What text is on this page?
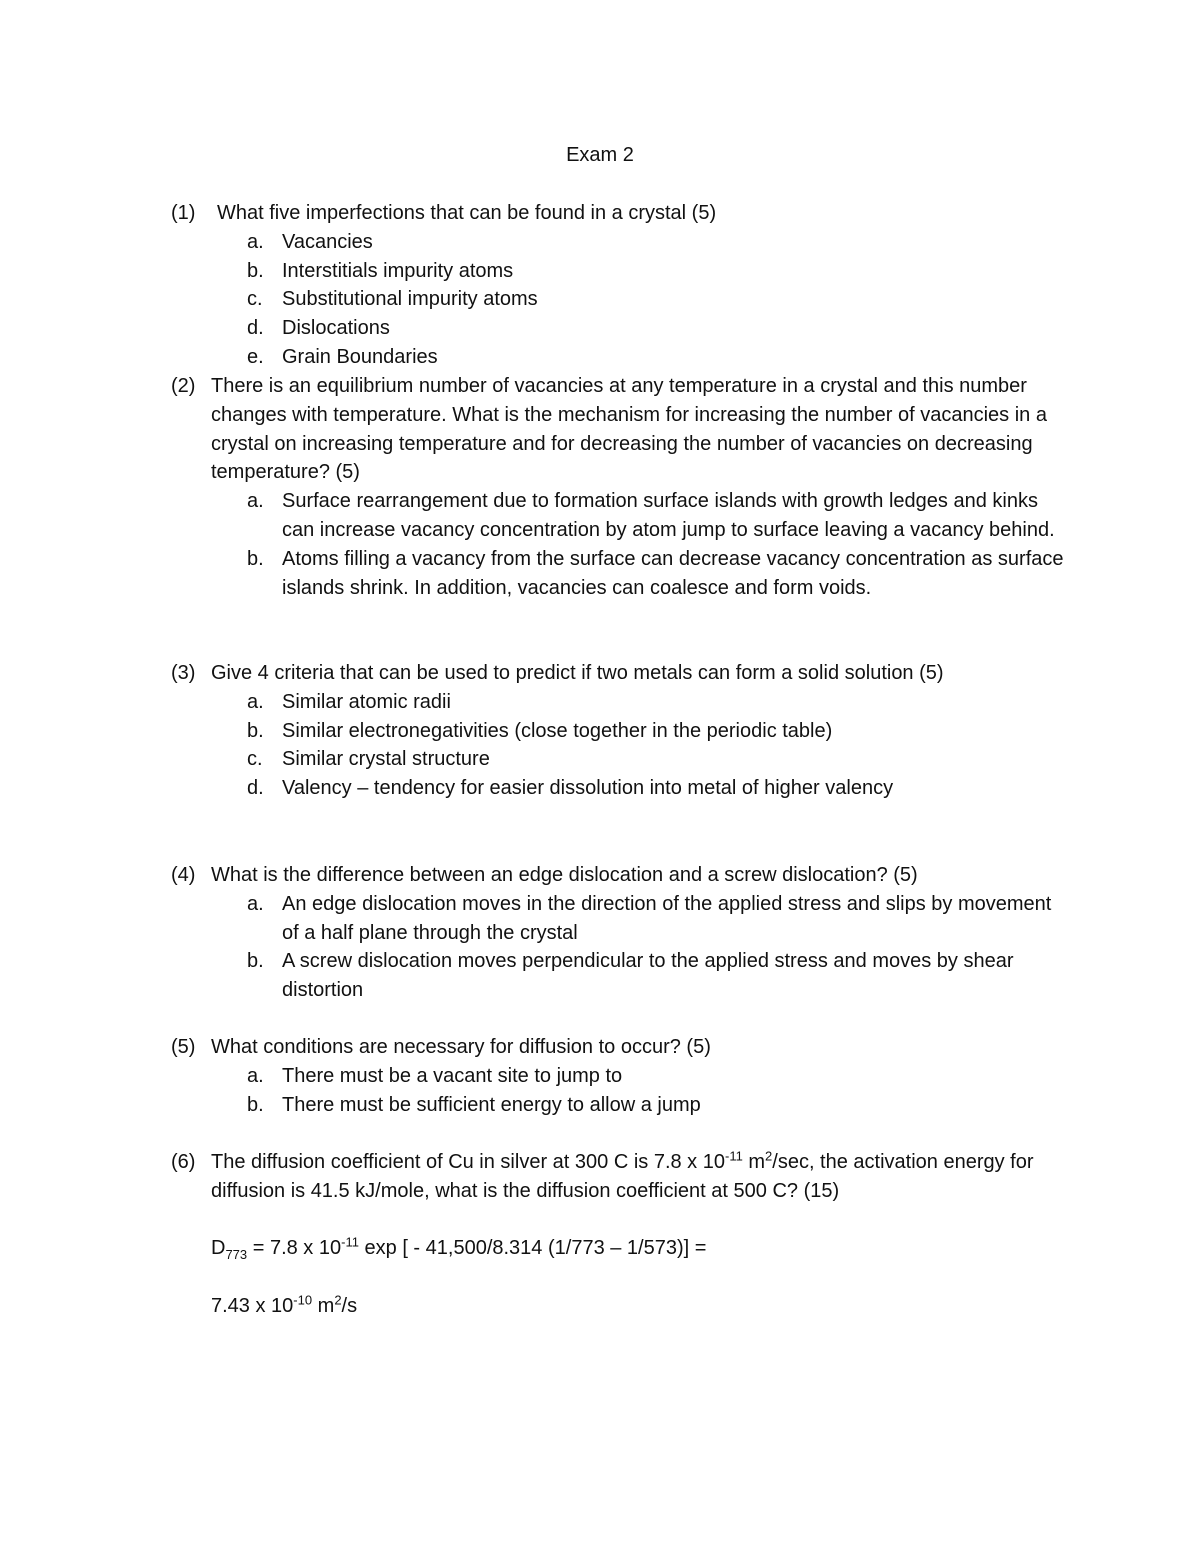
Exam 2
(1) What five imperfections that can be found in a crystal (5)
a. Vacancies
b. Interstitials impurity atoms
c. Substitutional impurity atoms
d. Dislocations
e. Grain Boundaries
(2) There is an equilibrium number of vacancies at any temperature in a crystal and this number changes with temperature. What is the mechanism for increasing the number of vacancies in a crystal on increasing temperature and for decreasing the number of vacancies on decreasing temperature? (5)
a. Surface rearrangement due to formation surface islands with growth ledges and kinks can increase vacancy concentration by atom jump to surface leaving a vacancy behind.
b. Atoms filling a vacancy from the surface can decrease vacancy concentration as surface islands shrink. In addition, vacancies can coalesce and form voids.
(3) Give 4 criteria that can be used to predict if two metals can form a solid solution (5)
a. Similar atomic radii
b. Similar electronegativities (close together in the periodic table)
c. Similar crystal structure
d. Valency – tendency for easier dissolution into metal of higher valency
(4) What is the difference between an edge dislocation and a screw dislocation? (5)
a. An edge dislocation moves in the direction of the applied stress and slips by movement of a half plane through the crystal
b. A screw dislocation moves perpendicular to the applied stress and moves by shear distortion
(5) What conditions are necessary for diffusion to occur? (5)
a. There must be a vacant site to jump to
b. There must be sufficient energy to allow a jump
(6) The diffusion coefficient of Cu in silver at 300 C is 7.8 x $10^{-11}$ $m^2/\sec$, the activation energy for diffusion is 41.5 kJ/mole, what is the diffusion coefficient at 500 C? (15)
$D_{773} = 7.8$ x $10^{-11}$ exp [ - 41,500/8.314 (1/773 – 1/573)] =
7.43 x $10^{-10}$ $m^2/s$
